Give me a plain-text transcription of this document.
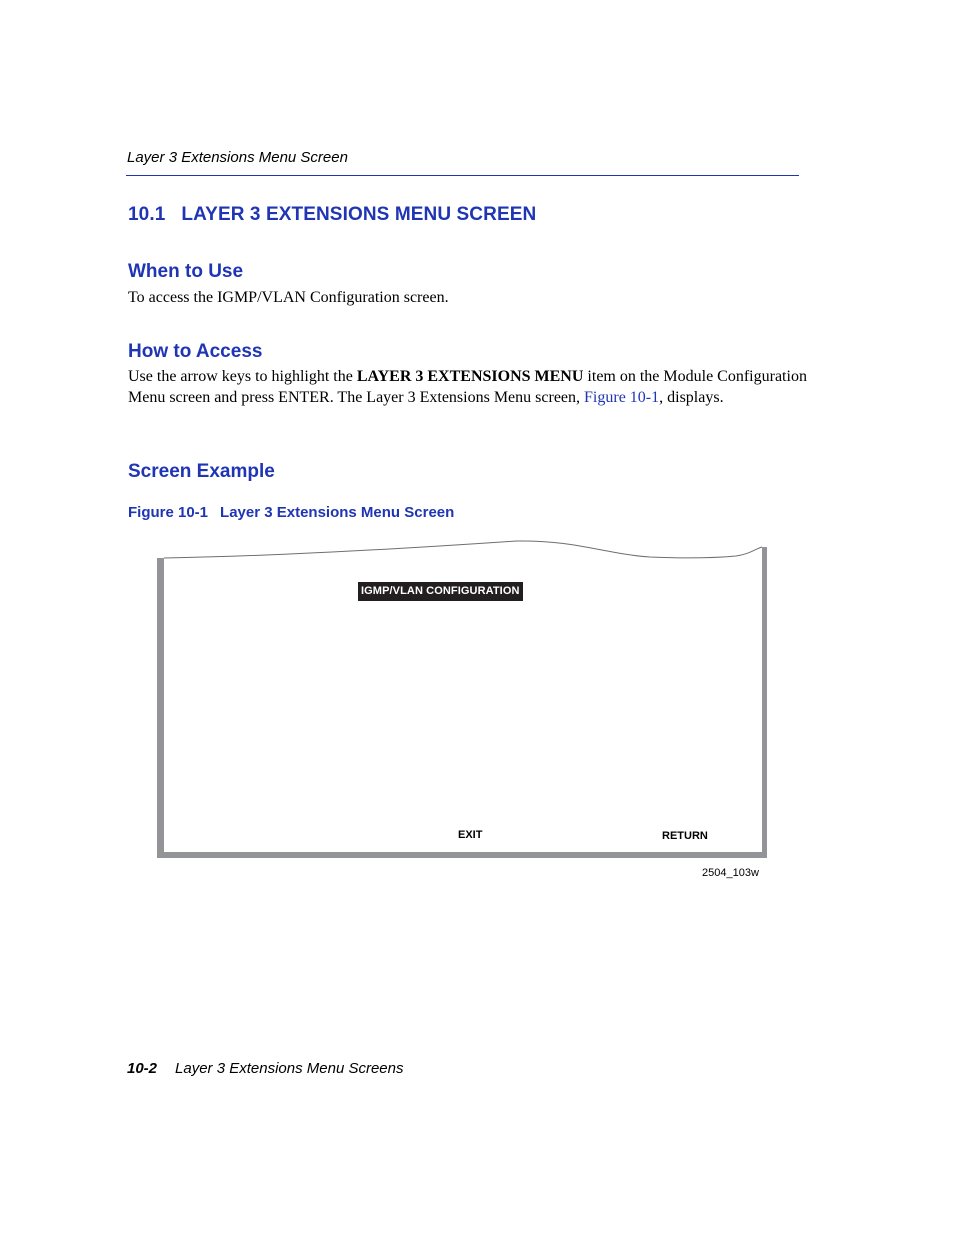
Layer 3 Extensions Menu Screen
10.1 LAYER 3 EXTENSIONS MENU SCREEN
When to Use
To access the IGMP/VLAN Configuration screen.
How to Access
Use the arrow keys to highlight the LAYER 3 EXTENSIONS MENU item on the Module Configuration Menu screen and press ENTER. The Layer 3 Extensions Menu screen, Figure 10-1, displays.
Screen Example
Figure 10-1 Layer 3 Extensions Menu Screen
IGMP/VLAN CONFIGURATION
EXIT	RETURN
2504_103w
10-2 Layer 3 Extensions Menu Screens
